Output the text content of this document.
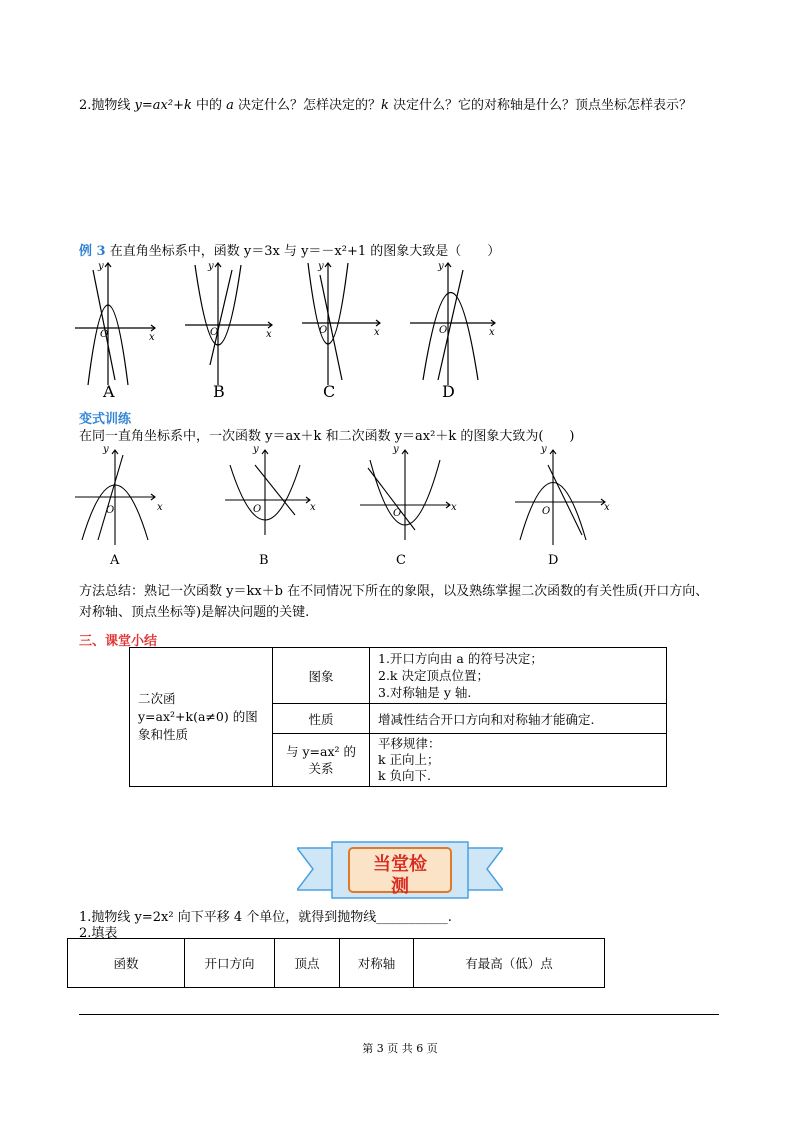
2.抛物线 y=ax²+k 中的 a 决定什么？怎样决定的？k 决定什么？它的对称轴是什么？顶点坐标怎样表示？
例 3 在直角坐标系中，函数 y＝3x 与 y＝－x²+1 的图象大致是（　　）
y
x
O
y
x
O
y
x
O
y
x
O
A	B	C	D
变式训练
在同一直角坐标系中，一次函数 y＝ax＋k 和二次函数 y＝ax²＋k 的图象大致为(　　)
y
x
O
y
x
O
y
x
O
y
x
O
A	B	C	D
方法总结：熟记一次函数 y＝kx＋b 在不同情况下所在的象限，以及熟练掌握二次函数的有关性质(开口方向、
对称轴、顶点坐标等)是解决问题的关键.
三、课堂小结
二次函 y=ax²+k(a≠0) 的图象和性质	图象	1.开口方向由 a 的符号决定；
2.k 决定顶点位置；
3.对称轴是 y 轴.

	性质	增减性结合开口方向和对称轴才能确定.
	与 y=ax² 的关系	平移规律：
k 正向上；
k 负向下.
当堂检
测
1.抛物线 y=2x² 向下平移 4 个单位，就得到抛物线___________.
2.填表
函数	开口方向	顶点	对称轴	有最高（低）点
第 3 页 共 6 页
